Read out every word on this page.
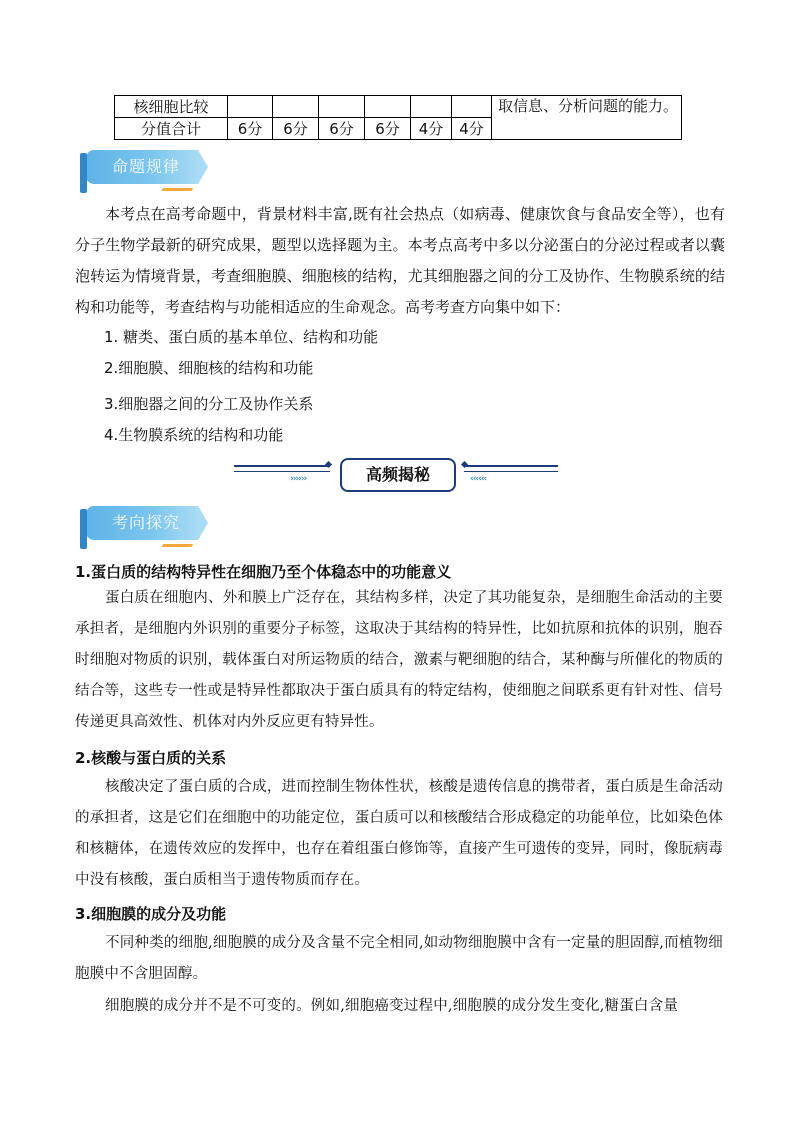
核细胞比较							取信息、分析问题的能力。
分值合计	6分	6分	6分	6分	4分	4分	
命题规律
本考点在高考命题中，背景材料丰富,既有社会热点（如病毒、健康饮食与食品安全等），也有分子生物学最新的研究成果，题型以选择题为主。本考点高考中多以分泌蛋白的分泌过程或者以囊泡转运为情境背景，考查细胞膜、细胞核的结构，尤其细胞器之间的分工及协作、生物膜系统的结构和功能等，考查结构与功能相适应的生命观念。高考考查方向集中如下：
1. 糖类、蛋白质的基本单位、结构和功能
2.细胞膜、细胞核的结构和功能
3.细胞器之间的分工及协作关系
4.生物膜系统的结构和功能
››››››	高频揭秘	‹‹‹‹‹‹
考向探究
1.蛋白质的结构特异性在细胞乃至个体稳态中的功能意义
蛋白质在细胞内、外和膜上广泛存在，其结构多样，决定了其功能复杂，是细胞生命活动的主要承担者，是细胞内外识别的重要分子标签，这取决于其结构的特异性，比如抗原和抗体的识别，胞吞时细胞对物质的识别，载体蛋白对所运物质的结合，激素与靶细胞的结合，某种酶与所催化的物质的结合等，这些专一性或是特异性都取决于蛋白质具有的特定结构，使细胞之间联系更有针对性、信号传递更具高效性、机体对内外反应更有特异性。
2.核酸与蛋白质的关系
核酸决定了蛋白质的合成，进而控制生物体性状，核酸是遗传信息的携带者，蛋白质是生命活动的承担者，这是它们在细胞中的功能定位，蛋白质可以和核酸结合形成稳定的功能单位，比如染色体和核糖体，在遗传效应的发挥中，也存在着组蛋白修饰等，直接产生可遗传的变异，同时，像朊病毒中没有核酸，蛋白质相当于遗传物质而存在。
3.细胞膜的成分及功能
不同种类的细胞,细胞膜的成分及含量不完全相同,如动物细胞膜中含有一定量的胆固醇,而植物细胞膜中不含胆固醇。
细胞膜的成分并不是不可变的。例如,细胞癌变过程中,细胞膜的成分发生变化,糖蛋白含量
